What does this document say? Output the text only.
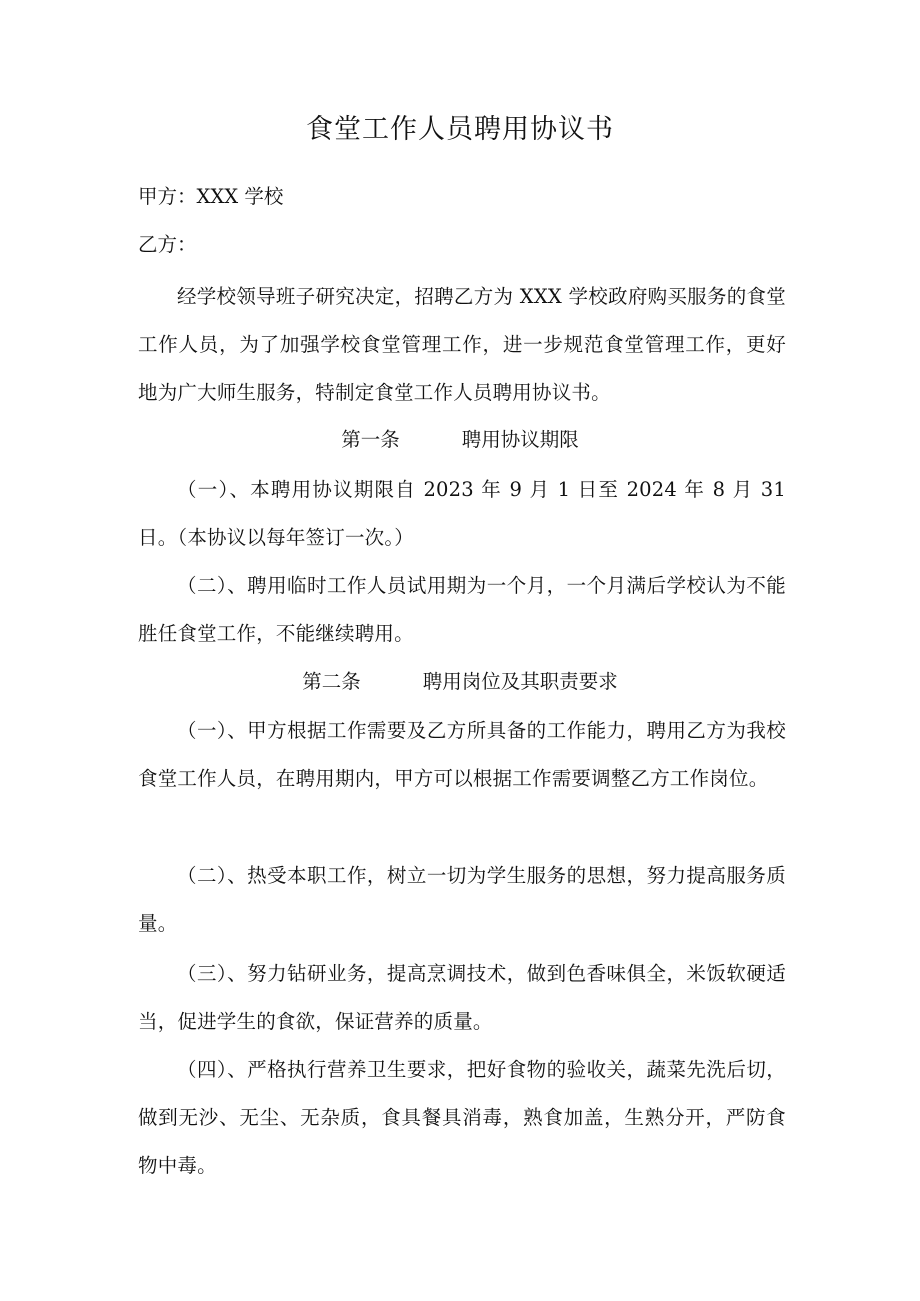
食堂工作人员聘用协议书
甲方：XXX 学校
乙方：
经学校领导班子研究决定，招聘乙方为 XXX 学校政府购买服务的食堂工作人员，为了加强学校食堂管理工作，进一步规范食堂管理工作，更好地为广大师生服务，特制定食堂工作人员聘用协议书。
第一条	聘用协议期限
（一）、本聘用协议期限自 2023 年 9 月 1 日至 2024 年 8 月 31 日。（本协议以每年签订一次。）
（二）、聘用临时工作人员试用期为一个月，一个月满后学校认为不能胜任食堂工作，不能继续聘用。
第二条	聘用岗位及其职责要求
（一）、甲方根据工作需要及乙方所具备的工作能力，聘用乙方为我校食堂工作人员，在聘用期内，甲方可以根据工作需要调整乙方工作岗位。
（二）、热受本职工作，树立一切为学生服务的思想，努力提高服务质量。
（三）、努力钻研业务，提高烹调技术，做到色香味俱全，米饭软硬适当，促进学生的食欲，保证营养的质量。
（四）、严格执行营养卫生要求，把好食物的验收关，蔬菜先洗后切，做到无沙、无尘、无杂质，食具餐具消毒，熟食加盖，生熟分开，严防食物中毒。
